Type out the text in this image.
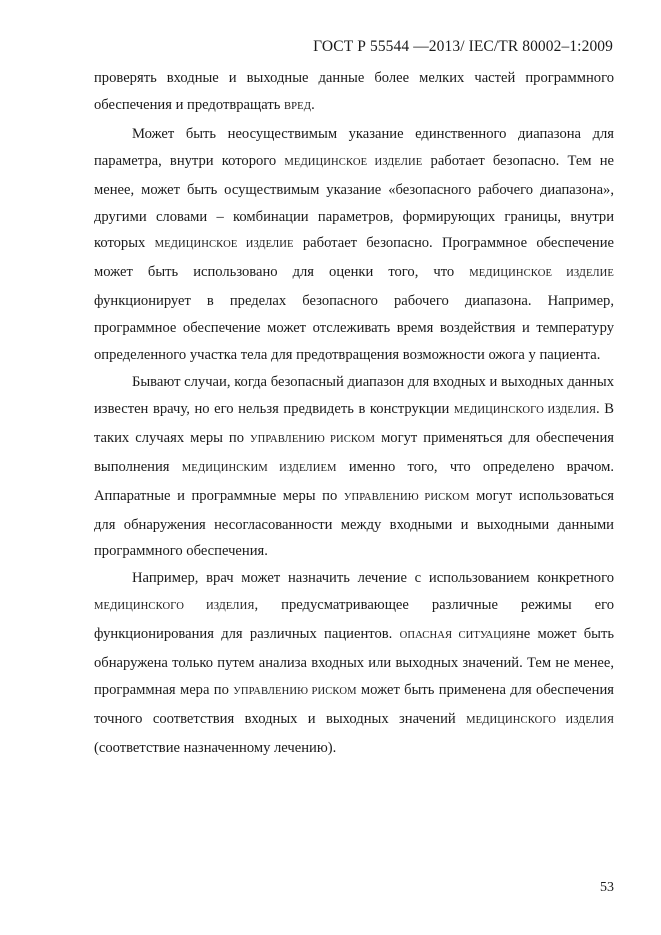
ГОСТ Р 55544 —2013/ IEC/TR 80002–1:2009

проверять входные и выходные данные более мелких частей программного обеспечения и предотвращать ВРЕД.

Может быть неосуществимым указание единственного диапазона для параметра, внутри которого МЕДИЦИНСКОЕ ИЗДЕЛИЕ работает безопасно. Тем не менее, может быть осуществимым указание «безопасного рабочего диапазона», другими словами – комбинации параметров, формирующих границы, внутри которых МЕДИЦИНСКОЕ ИЗДЕЛИЕ работает безопасно. Программное обеспечение может быть использовано для оценки того, что МЕДИЦИНСКОЕ ИЗДЕЛИЕ функционирует в пределах безопасного рабочего диапазона. Например, программное обеспечение может отслеживать время воздействия и температуру определенного участка тела для предотвращения возможности ожога у пациента.

Бывают случаи, когда безопасный диапазон для входных и выходных данных известен врачу, но его нельзя предвидеть в конструкции МЕДИЦИНСКОГО ИЗДЕЛИЯ. В таких случаях меры по УПРАВЛЕНИЮ РИСКОМ могут применяться для обеспечения выполнения МЕДИЦИНСКИМ ИЗДЕЛИЕМ именно того, что определено врачом. Аппаратные и программные меры по УПРАВЛЕНИЮ РИСКОМ могут использоваться для обнаружения несогласованности между входными и выходными данными программного обеспечения.

Например, врач может назначить лечение с использованием конкретного МЕДИЦИНСКОГО ИЗДЕЛИЯ, предусматривающее различные режимы его функционирования для различных пациентов. ОПАСНАЯ СИТУАЦИЯне может быть обнаружена только путем анализа входных или выходных значений. Тем не менее, программная мера по УПРАВЛЕНИЮ РИСКОМ может быть применена для обеспечения точного соответствия входных и выходных значений МЕДИЦИНСКОГО ИЗДЕЛИЯ (соответствие назначенному лечению).

53
